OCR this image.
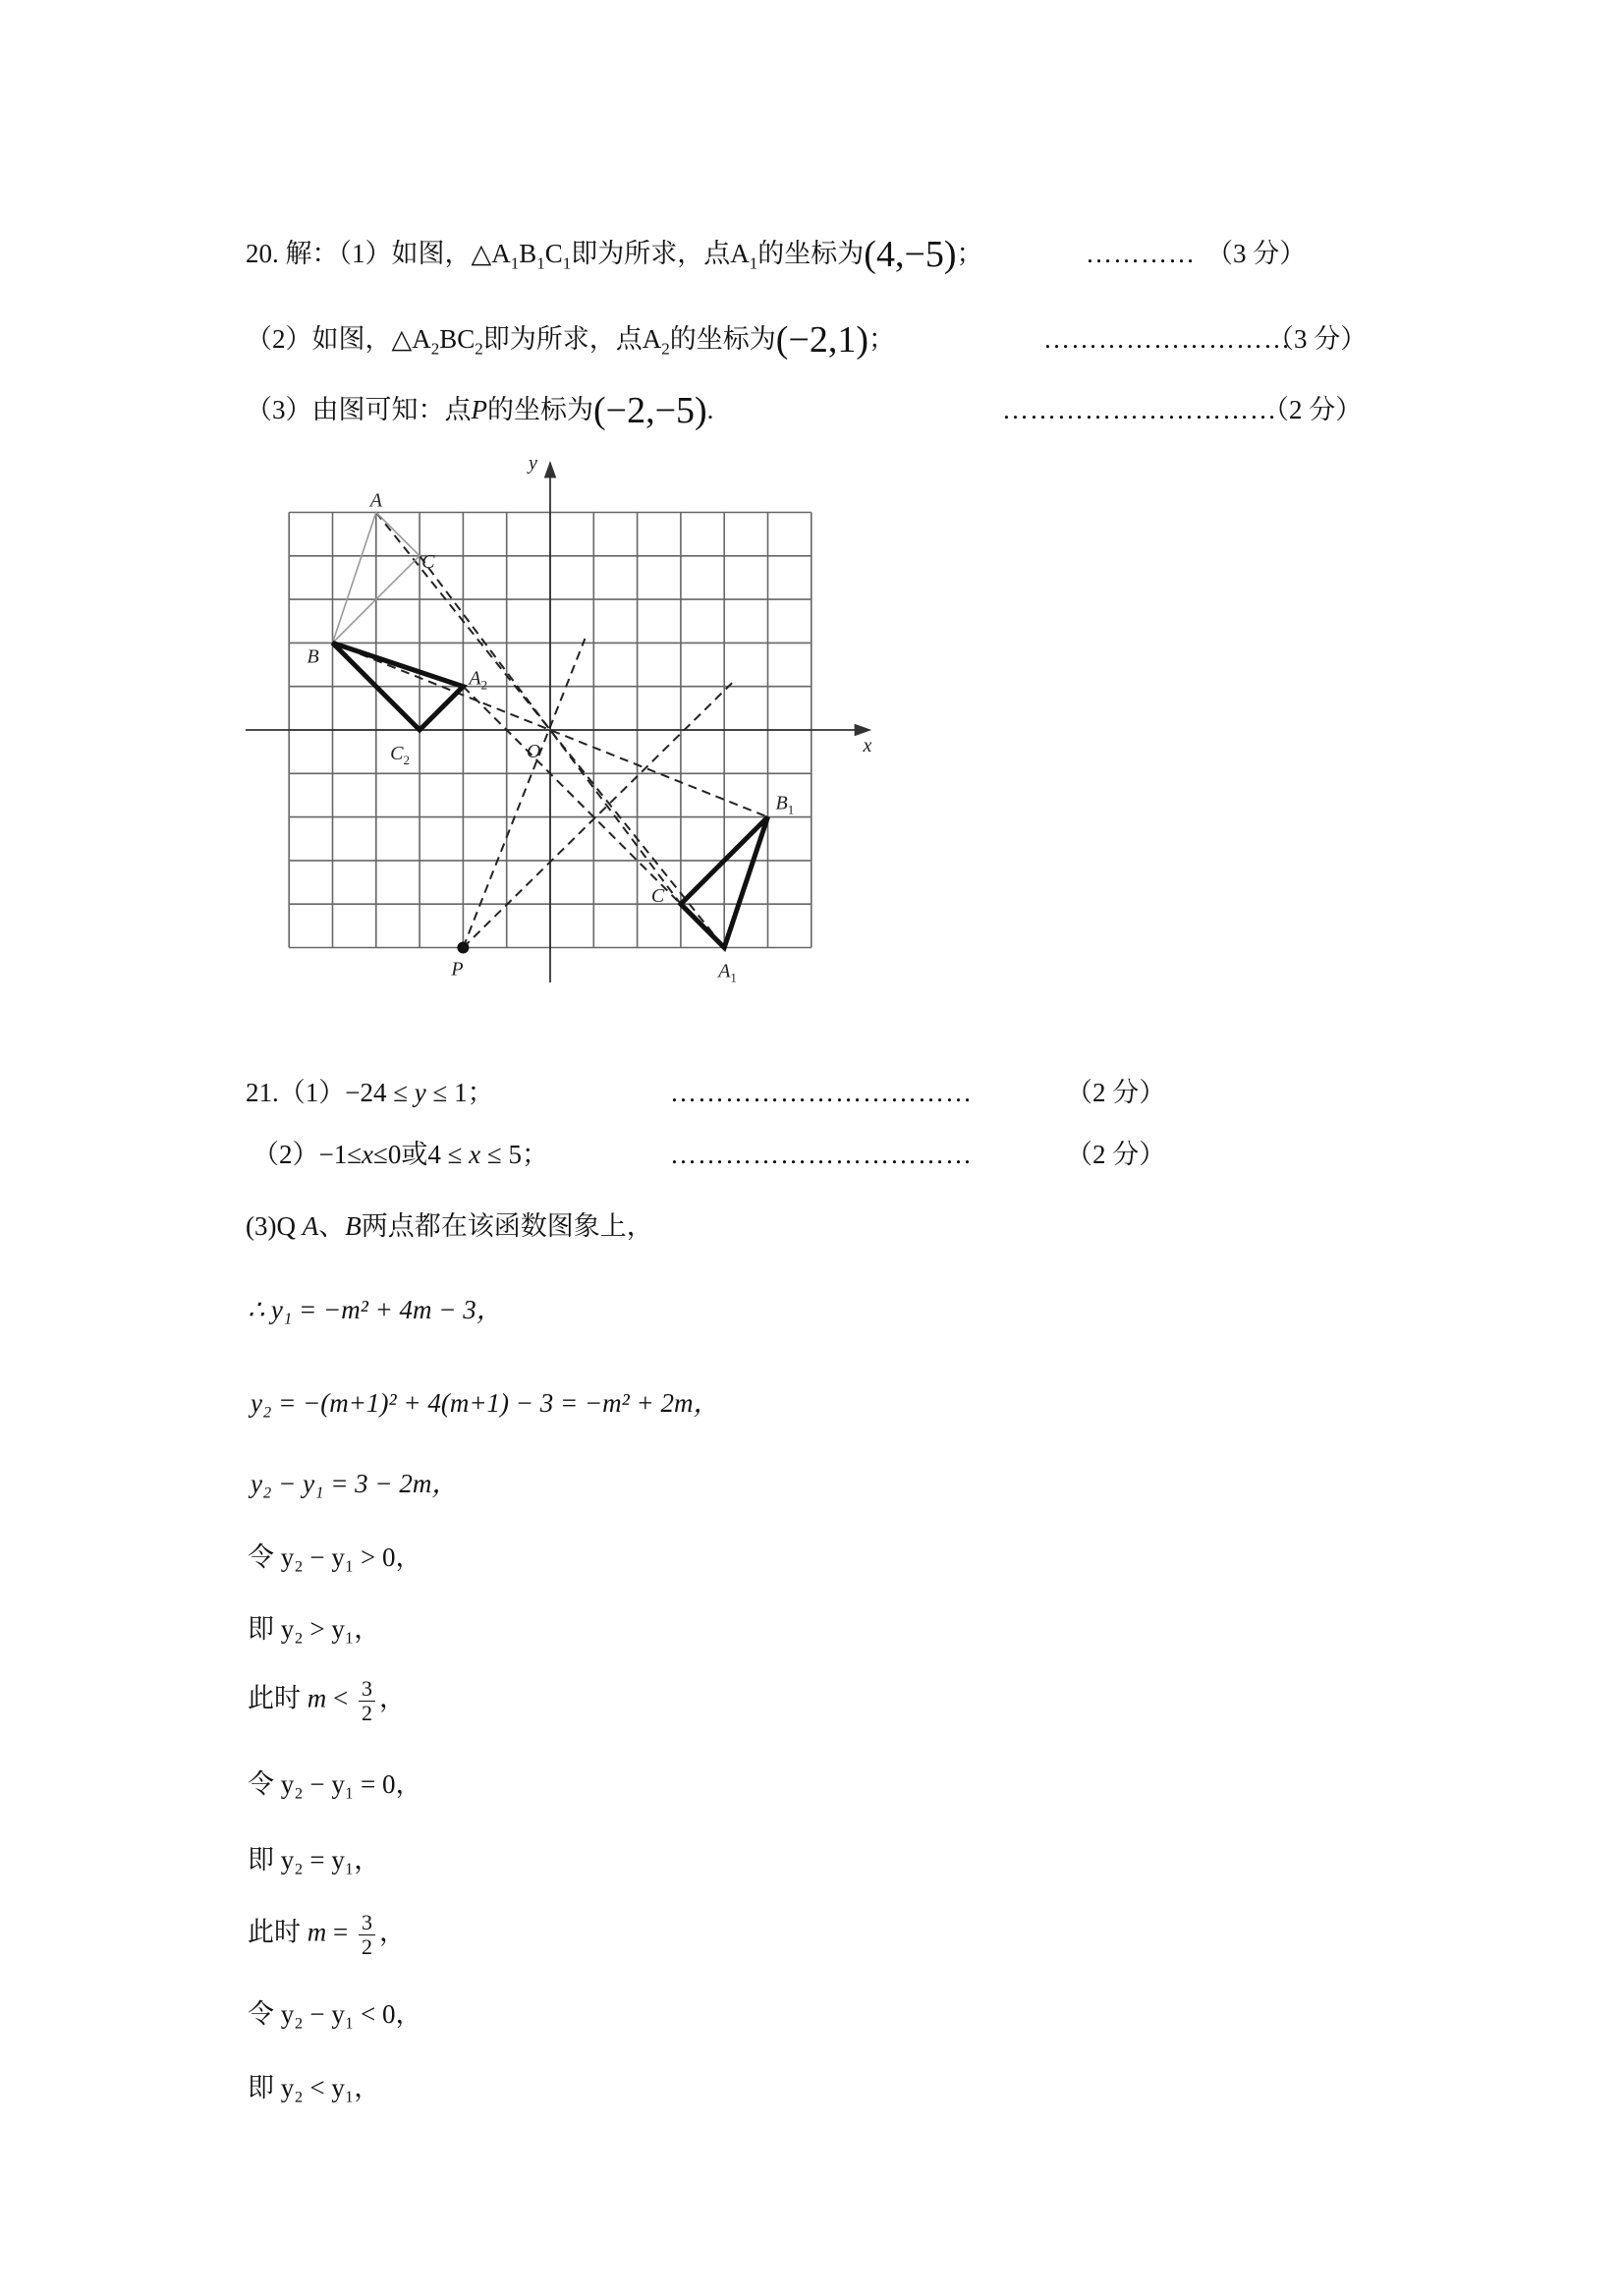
20. 解：（1）如图，$\triangle A_1B_1C_1$即为所求，点$A_1$的坐标为(4,−5)；	………… （3 分）
（2）如图，$\triangle A_2BC_2$即为所求，点$A_2$的坐标为(−2,1)；	………………………
（3 分）
（3）由图可知：点P的坐标为(−2,−5).	…………………………
（2 分）
A
B
C
$A_2$
$C_2$	O
$B_1$
$A_1$
C
P
x
y
21.（1）−24 ≤ y ≤ 1；	……………………………	（2 分）
（2）−1≤x≤0或4 ≤ x ≤ 5；	……………………………	（2 分）
(3)Q A、B两点都在该函数图象上，
∴ y₁ = −m² + 4m − 3，
y₂ = −(m+1)² + 4(m+1) − 3 = −m² + 2m，
y₂ − y₁ = 3 − 2m，
令 y₂ − y₁ > 0，
即 y₂ > y₁，
此时 $m < \frac{3}{2}$ ，
令 y₂ − y₁ = 0，
即 y₂ = y₁，
此时 $m = \frac{3}{2}$ ，
令 y₂ − y₁ < 0，
即 y₂ < y₁，
